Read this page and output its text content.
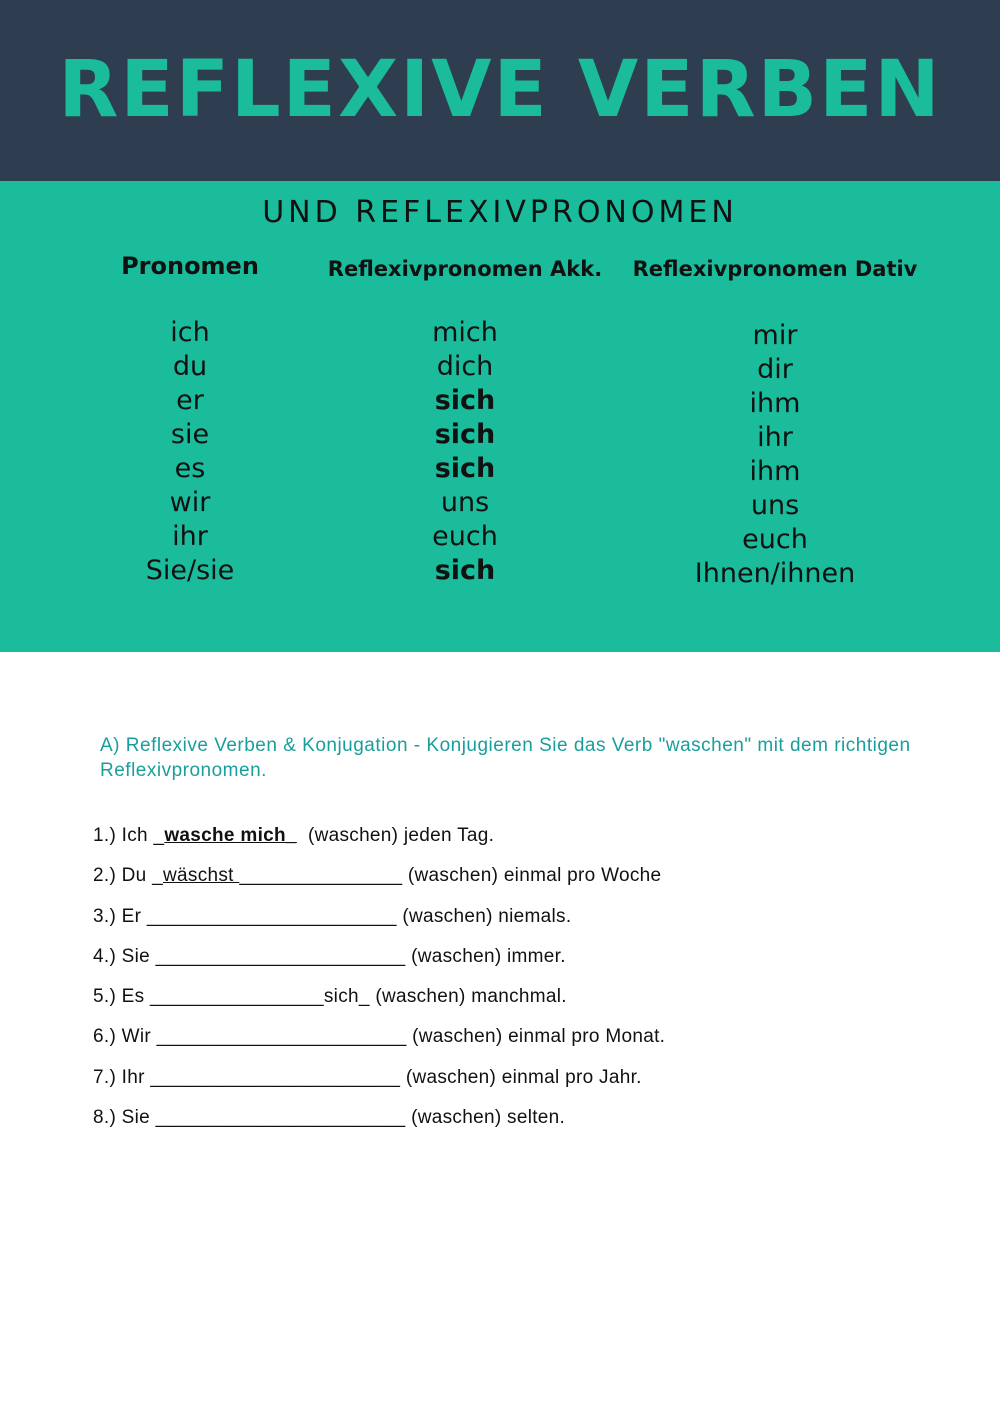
REFLEXIVE VERBEN
UND REFLEXIVPRONOMEN
Pronomen
ich
du
er
sie
es
wir
ihr
Sie/sie
Reflexivpronomen Akk.
mich
dich
sich
sich
sich
uns
euch
sich
Reflexivpronomen Dativ
mir
dir
ihm
ihr
ihm
uns
euch
Ihnen/ihnen
A) Reflexive Verben & Konjugation - Konjugieren Sie das Verb "waschen" mit dem richtigen Reflexivpronomen.
1.) Ich _wasche mich_  (waschen) jeden Tag.
2.) Du _wäschst _______________ (waschen) einmal pro Woche
3.) Er _______________________ (waschen) niemals.
4.) Sie _______________________ (waschen) immer.
5.) Es ________________sich_ (waschen) manchmal.
6.) Wir _______________________ (waschen) einmal pro Monat.
7.) Ihr _______________________ (waschen) einmal pro Jahr.
8.) Sie _______________________ (waschen) selten.
